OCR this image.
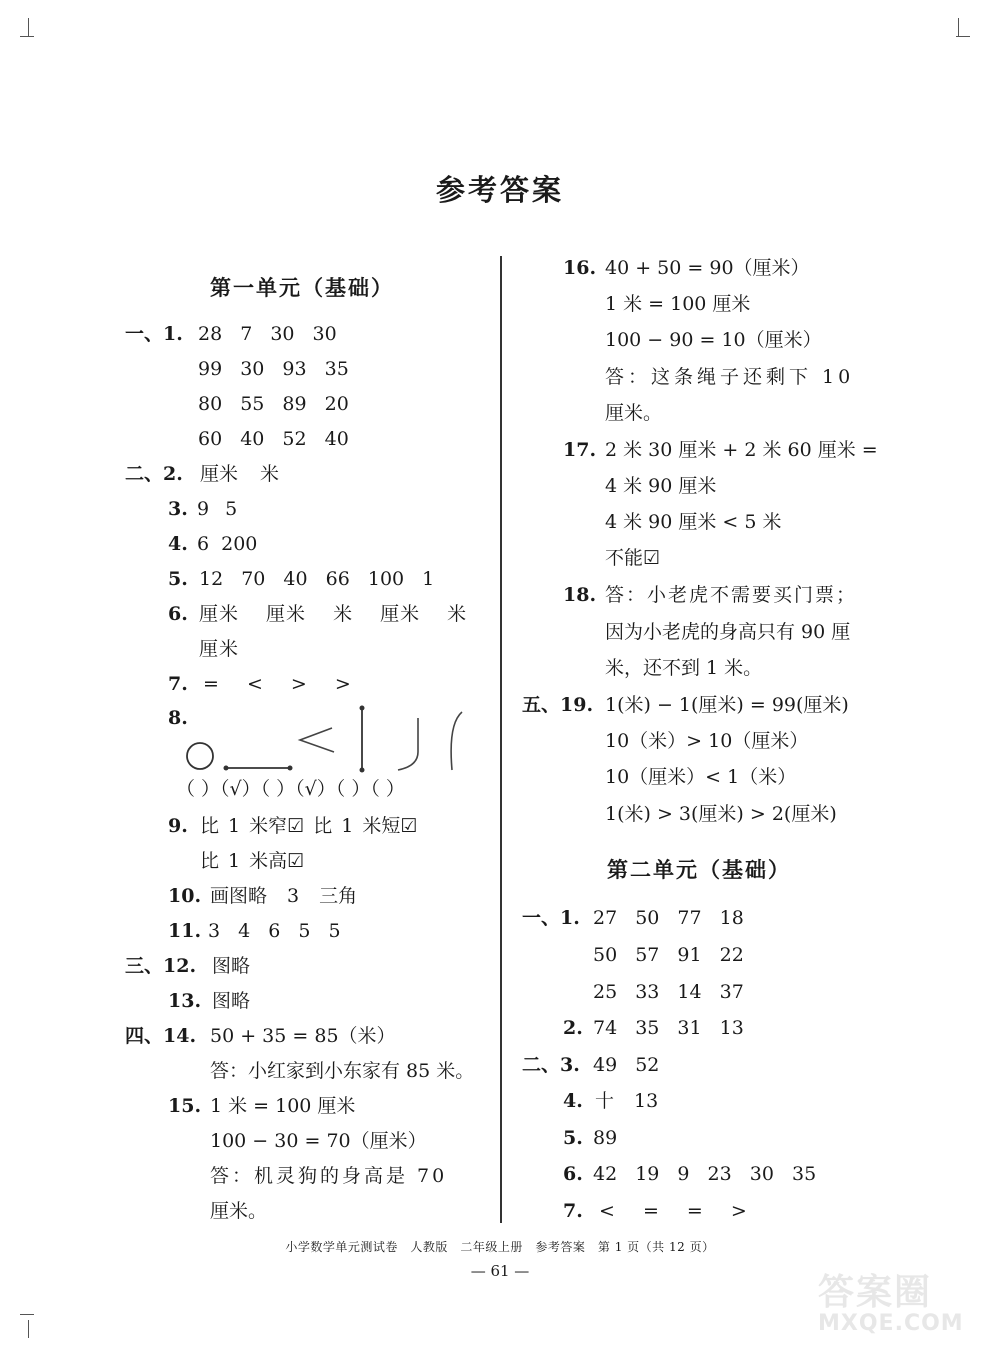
参考答案
第一单元（基础）
一、1. 28 7 30 30
99 30 93 35
80 55 89 20
60 40 52 40
二、2. 厘米 米
3. 9 5
4. 6 200
5. 12 70 40 66 100 1
6. 厘米 厘米 米 厘米 米
厘米
7. = < > >
8.
（ ）（√）（ ）（√）（ ）（ ）
9. 比 1 米窄☑ 比 1 米短☑
比 1 米高☑
10. 画图略 3 三角
11. 3 4 6 5 5
三、12. 图略
13. 图略
四、14. 50 + 35 = 85（米）
答：小红家到小东家有 85 米。
15. 1 米 = 100 厘米
100 − 30 = 70（厘米）
答：机灵狗的身高是 70
厘米。
16. 40 + 50 = 90（厘米）
1 米 = 100 厘米
100 − 90 = 10（厘米）
答：这条绳子还剩下 10
厘米。
17. 2 米 30 厘米 + 2 米 60 厘米 =
4 米 90 厘米
4 米 90 厘米 < 5 米
不能☑
18. 答：小老虎不需要买门票；
因为小老虎的身高只有 90 厘
米，还不到 1 米。
五、19. 1(米) − 1(厘米) = 99(厘米)
10（米）> 10（厘米）
10（厘米）< 1（米）
1(米) > 3(厘米) > 2(厘米)
第二单元（基础）
一、1. 27 50 77 18
50 57 91 22
25 33 14 37
2. 74 35 31 13
二、3. 49 52
4. 十 13
5. 89
6. 42 19 9 23 30 35
7. < = = >
小学数学单元测试卷　人教版　二年级上册　参考答案　第 1 页（共 12 页）
— 61 —
答案圈
MXQE.COM
